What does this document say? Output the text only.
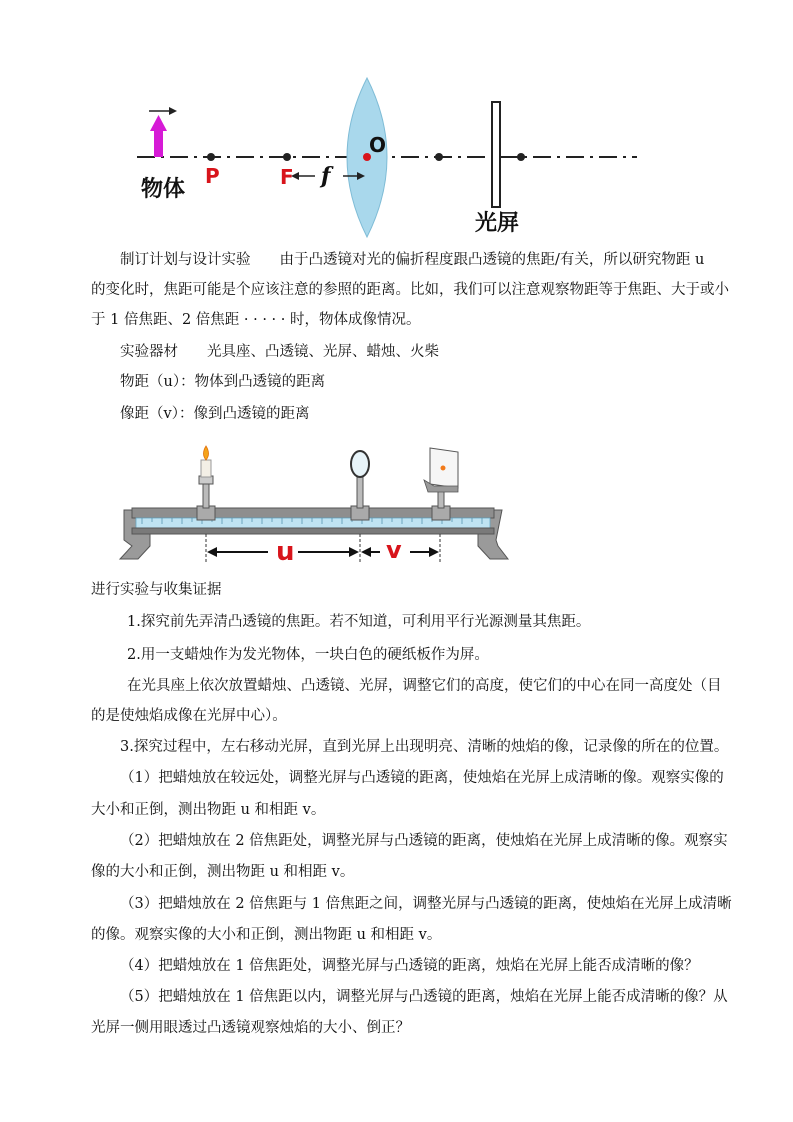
物体
P	F f
O
光屏
制订计划与设计实验　　由于凸透镜对光的偏折程度跟凸透镜的焦距/有关，所以研究物距 u
的变化时，焦距可能是个应该注意的参照的距离。比如，我们可以注意观察物距等于焦距、大于或小
于 1 倍焦距、2 倍焦距 · · · · · 时，物体成像情况。
实验器材　　光具座、凸透镜、光屏、蜡烛、火柴
物距（u）：物体到凸透镜的距离
像距（v）：像到凸透镜的距离
u	v
进行实验与收集证据
1.探究前先弄清凸透镜的焦距。若不知道，可利用平行光源测量其焦距。
2.用一支蜡烛作为发光物体，一块白色的硬纸板作为屏。
在光具座上依次放置蜡烛、凸透镜、光屏，调整它们的高度，使它们的中心在同一高度处（目
的是使烛焰成像在光屏中心）。
3.探究过程中，左右移动光屏，直到光屏上出现明亮、清晰的烛焰的像，记录像的所在的位置。
（1）把蜡烛放在较远处，调整光屏与凸透镜的距离，使烛焰在光屏上成清晰的像。观察实像的
大小和正倒，测出物距 u 和相距 v。
（2）把蜡烛放在 2 倍焦距处，调整光屏与凸透镜的距离，使烛焰在光屏上成清晰的像。观察实
像的大小和正倒，测出物距 u 和相距 v。
（3）把蜡烛放在 2 倍焦距与 1 倍焦距之间，调整光屏与凸透镜的距离，使烛焰在光屏上成清晰
的像。观察实像的大小和正倒，测出物距 u 和相距 v。
（4）把蜡烛放在 1 倍焦距处，调整光屏与凸透镜的距离，烛焰在光屏上能否成清晰的像？
（5）把蜡烛放在 1 倍焦距以内，调整光屏与凸透镜的距离，烛焰在光屏上能否成清晰的像？从
光屏一侧用眼透过凸透镜观察烛焰的大小、倒正？
